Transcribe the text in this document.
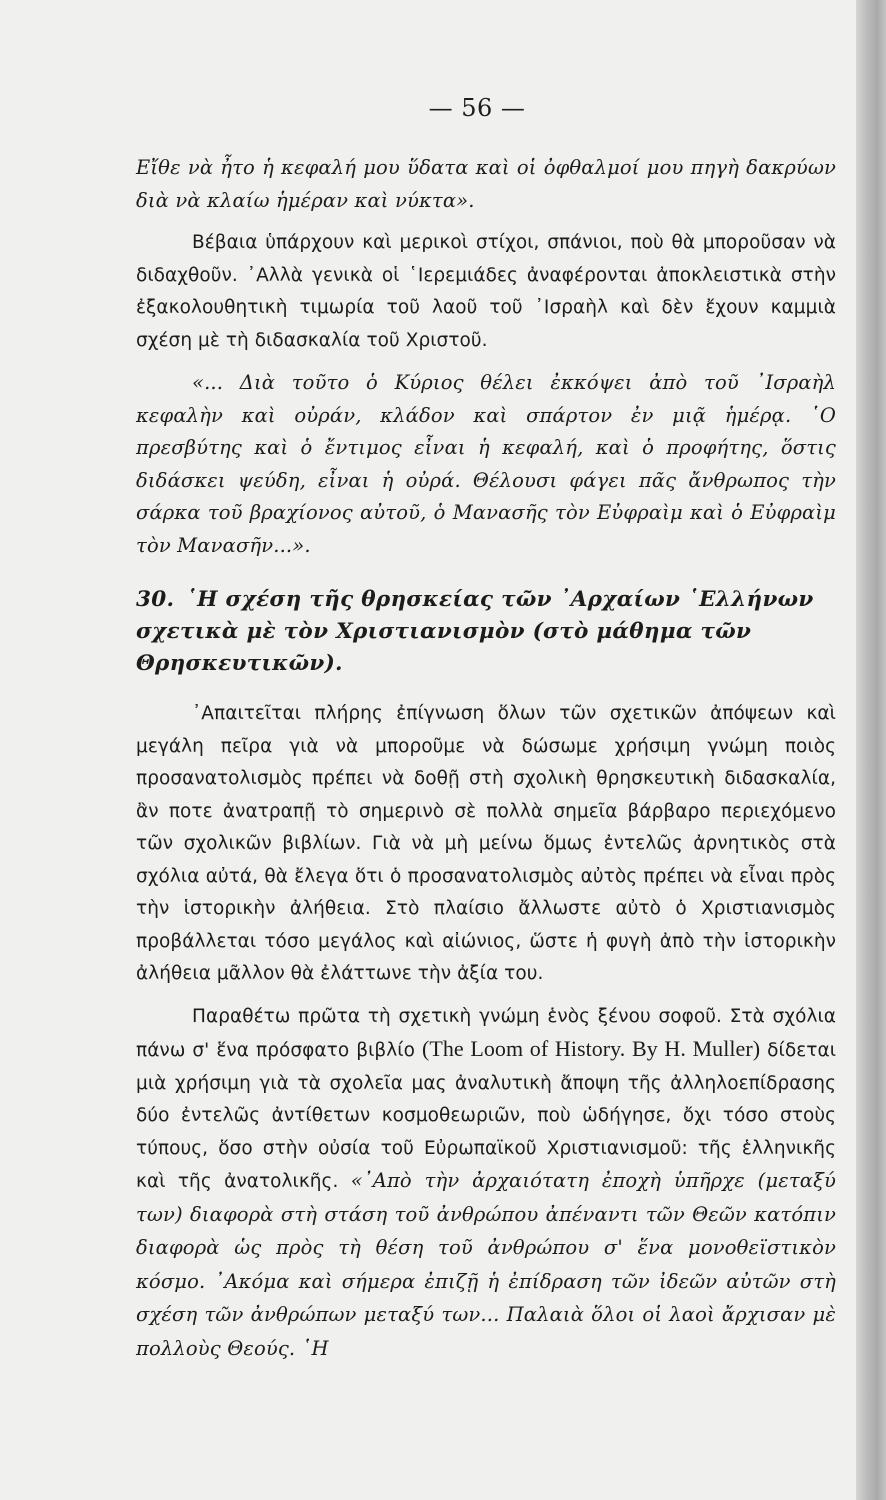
— 56 —

Εἴθε νὰ ἦτο ἡ κεφαλή μου ὕδατα καὶ οἱ ὀφθαλμοί μου πηγὴ δακρύων διὰ νὰ κλαίω ἡμέραν καὶ νύκτα».

Βέβαια ὑπάρχουν καὶ μερικοὶ στίχοι, σπάνιοι, ποὺ θὰ μποροῦσαν νὰ διδαχθοῦν. ᾿Αλλὰ γενικὰ οἱ ῾Ιερεμιάδες ἀναφέρονται ἀποκλειστικὰ στὴν ἐξακολουθητικὴ τιμωρία τοῦ λαοῦ τοῦ ᾿Ισραὴλ καὶ δὲν ἔχουν καμμιὰ σχέση μὲ τὴ διδασκαλία τοῦ Χριστοῦ.

«... Διὰ τοῦτο ὁ Κύριος θέλει ἐκκόψει ἀπὸ τοῦ ᾿Ισραὴλ κεφαλὴν καὶ οὐράν, κλάδον καὶ σπάρτον ἐν μιᾷ ἡμέρᾳ. ῾Ο πρεσβύτης καὶ ὁ ἔντιμος εἶναι ἡ κεφαλή, καὶ ὁ προφήτης, ὅστις διδάσκει ψεύδη, εἶναι ἡ οὐρά. Θέλουσι φάγει πᾶς ἄνθρωπος τὴν σάρκα τοῦ βραχίονος αὐτοῦ, ὁ Μανασῆς τὸν Εὐφραὶμ καὶ ὁ Εὐφραὶμ τὸν Μανασῆν...».

30. ῾Η σχέση τῆς θρησκείας τῶν ᾿Αρχαίων ῾Ελλήνων σχετικὰ μὲ τὸν Χριστιανισμὸν (στὸ μάθημα τῶν Θρησκευτικῶν).

᾿Απαιτεῖται πλήρης ἐπίγνωση ὅλων τῶν σχετικῶν ἀπόψεων καὶ μεγάλη πεῖρα γιὰ νὰ μποροῦμε νὰ δώσωμε χρήσιμη γνώμη ποιὸς προσανατολισμὸς πρέπει νὰ δοθῇ στὴ σχολικὴ θρησκευτικὴ διδασκαλία, ἂν ποτε ἀνατραπῇ τὸ σημερινὸ σὲ πολλὰ σημεῖα βάρβαρο περιεχόμενο τῶν σχολικῶν βιβλίων. Γιὰ νὰ μὴ μείνω ὅμως ἐντελῶς ἀρνητικὸς στὰ σχόλια αὐτά, θὰ ἔλεγα ὅτι ὁ προσανατολισμὸς αὐτὸς πρέπει νὰ εἶναι πρὸς τὴν ἱστορικὴν ἀλήθεια. Στὸ πλαίσιο ἄλλωστε αὐτὸ ὁ Χριστιανισμὸς προβάλλεται τόσο μεγάλος καὶ αἰώνιος, ὥστε ἡ φυγὴ ἀπὸ τὴν ἱστορικὴν ἀλήθεια μᾶλλον θὰ ἐλάττωνε τὴν ἀξία του.

Παραθέτω πρῶτα τὴ σχετικὴ γνώμη ἑνὸς ξένου σοφοῦ. Στὰ σχόλια πάνω σ' ἕνα πρόσφατο βιβλίο (The Loom of History. By H. Muller) δίδεται μιὰ χρήσιμη γιὰ τὰ σχολεῖα μας ἀναλυτικὴ ἄποψη τῆς ἀλληλοεπίδρασης δύο ἐντελῶς ἀντίθετων κοσμοθεωριῶν, ποὺ ὡδήγησε, ὄχι τόσο στοὺς τύπους, ὅσο στὴν οὐσία τοῦ Εὐρωπαϊκοῦ Χριστιανισμοῦ: τῆς ἑλληνικῆς καὶ τῆς ἀνατολικῆς. «᾿Απὸ τὴν ἀρχαιότατη ἐποχὴ ὑπῆρχε (μεταξύ των) διαφορὰ στὴ στάση τοῦ ἀνθρώπου ἀπέναντι τῶν Θεῶν κατόπιν διαφορὰ ὡς πρὸς τὴ θέση τοῦ ἀνθρώπου σ' ἕνα μονοθεϊστικὸν κόσμο. ᾿Ακόμα καὶ σήμερα ἐπιζῇ ἡ ἐπίδραση τῶν ἰδεῶν αὐτῶν στὴ σχέση τῶν ἀνθρώπων μεταξύ των... Παλαιὰ ὅλοι οἱ λαοὶ ἄρχισαν μὲ πολλοὺς Θεούς. ῾Η
